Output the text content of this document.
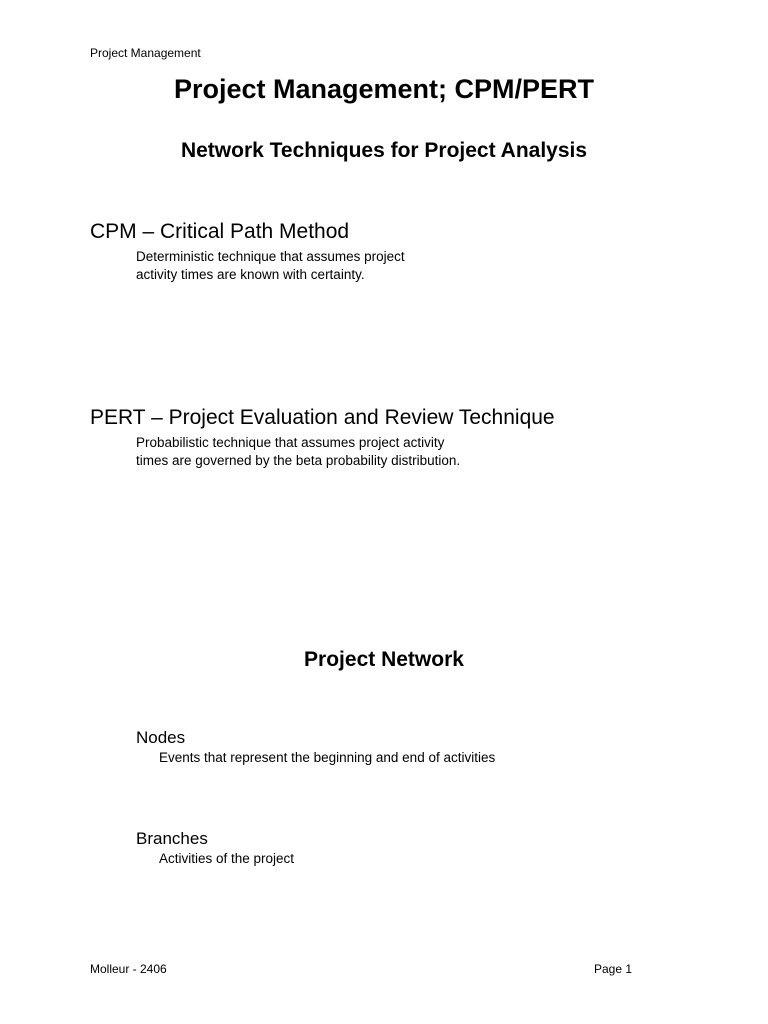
Project Management

Project Management; CPM/PERT
Network Techniques for Project Analysis

CPM – Critical Path Method

Deterministic technique that assumes project
activity times are known with certainty.

PERT – Project Evaluation and Review Technique

Probabilistic technique that assumes project activity
times are governed by the beta probability distribution.

Project Network

Nodes

Events that represent the beginning and end of activities

Branches

Activities of the project

Molleur - 2406	Page 1
